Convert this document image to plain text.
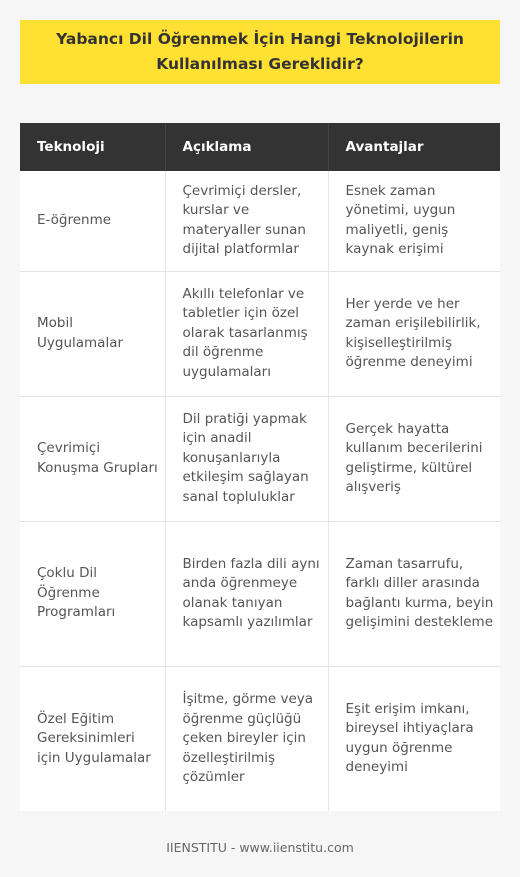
Yabancı Dil Öğrenmek İçin Hangi Teknolojilerin Kullanılması Gereklidir?
Teknoloji	Açıklama	Avantajlar
E-öğrenme	Çevrimiçi dersler, kurslar ve materyaller sunan dijital platformlar	Esnek zaman yönetimi, uygun maliyetli, geniş kaynak erişimi
Mobil Uygulamalar	Akıllı telefonlar ve tabletler için özel olarak tasarlanmış dil öğrenme uygulamaları	Her yerde ve her zaman erişilebilirlik, kişiselleştirilmiş öğrenme deneyimi
Çevrimiçi Konuşma Grupları	Dil pratiği yapmak için anadil konuşanlarıyla etkileşim sağlayan sanal topluluklar	Gerçek hayatta kullanım becerilerini geliştirme, kültürel alışveriş
Çoklu Dil Öğrenme Programları	Birden fazla dili aynı anda öğrenmeye olanak tanıyan kapsamlı yazılımlar	Zaman tasarrufu, farklı diller arasında bağlantı kurma, beyin gelişimini destekleme
Özel Eğitim Gereksinimleri için Uygulamalar	İşitme, görme veya öğrenme güçlüğü çeken bireyler için özelleştirilmiş çözümler	Eşit erişim imkanı, bireysel ihtiyaçlara uygun öğrenme deneyimi
IIENSTITU - www.iienstitu.com
